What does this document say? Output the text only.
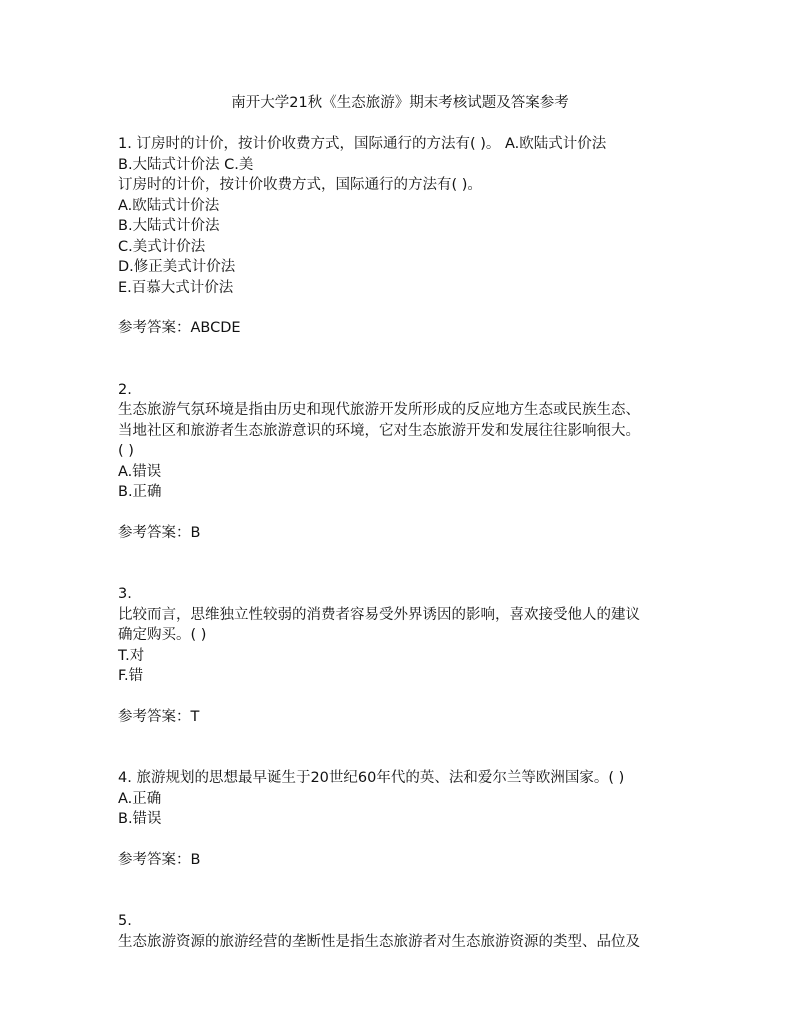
南开大学21秋《生态旅游》期末考核试题及答案参考
1. 订房时的计价，按计价收费方式，国际通行的方法有( )。 A.欧陆式计价法
B.大陆式计价法 C.美
订房时的计价，按计价收费方式，国际通行的方法有( )。
A.欧陆式计价法
B.大陆式计价法
C.美式计价法
D.修正美式计价法
E.百慕大式计价法
参考答案：ABCDE
2.
生态旅游气氛环境是指由历史和现代旅游开发所形成的反应地方生态或民族生态、
当地社区和旅游者生态旅游意识的环境，它对生态旅游开发和发展往往影响很大。
( )
A.错误
B.正确
参考答案：B
3.
比较而言，思维独立性较弱的消费者容易受外界诱因的影响，喜欢接受他人的建议
确定购买。( )
T.对
F.错
参考答案：T
4. 旅游规划的思想最早诞生于20世纪60年代的英、法和爱尔兰等欧洲国家。( )
A.正确
B.错误
参考答案：B
5.
生态旅游资源的旅游经营的垄断性是指生态旅游者对生态旅游资源的类型、品位及
